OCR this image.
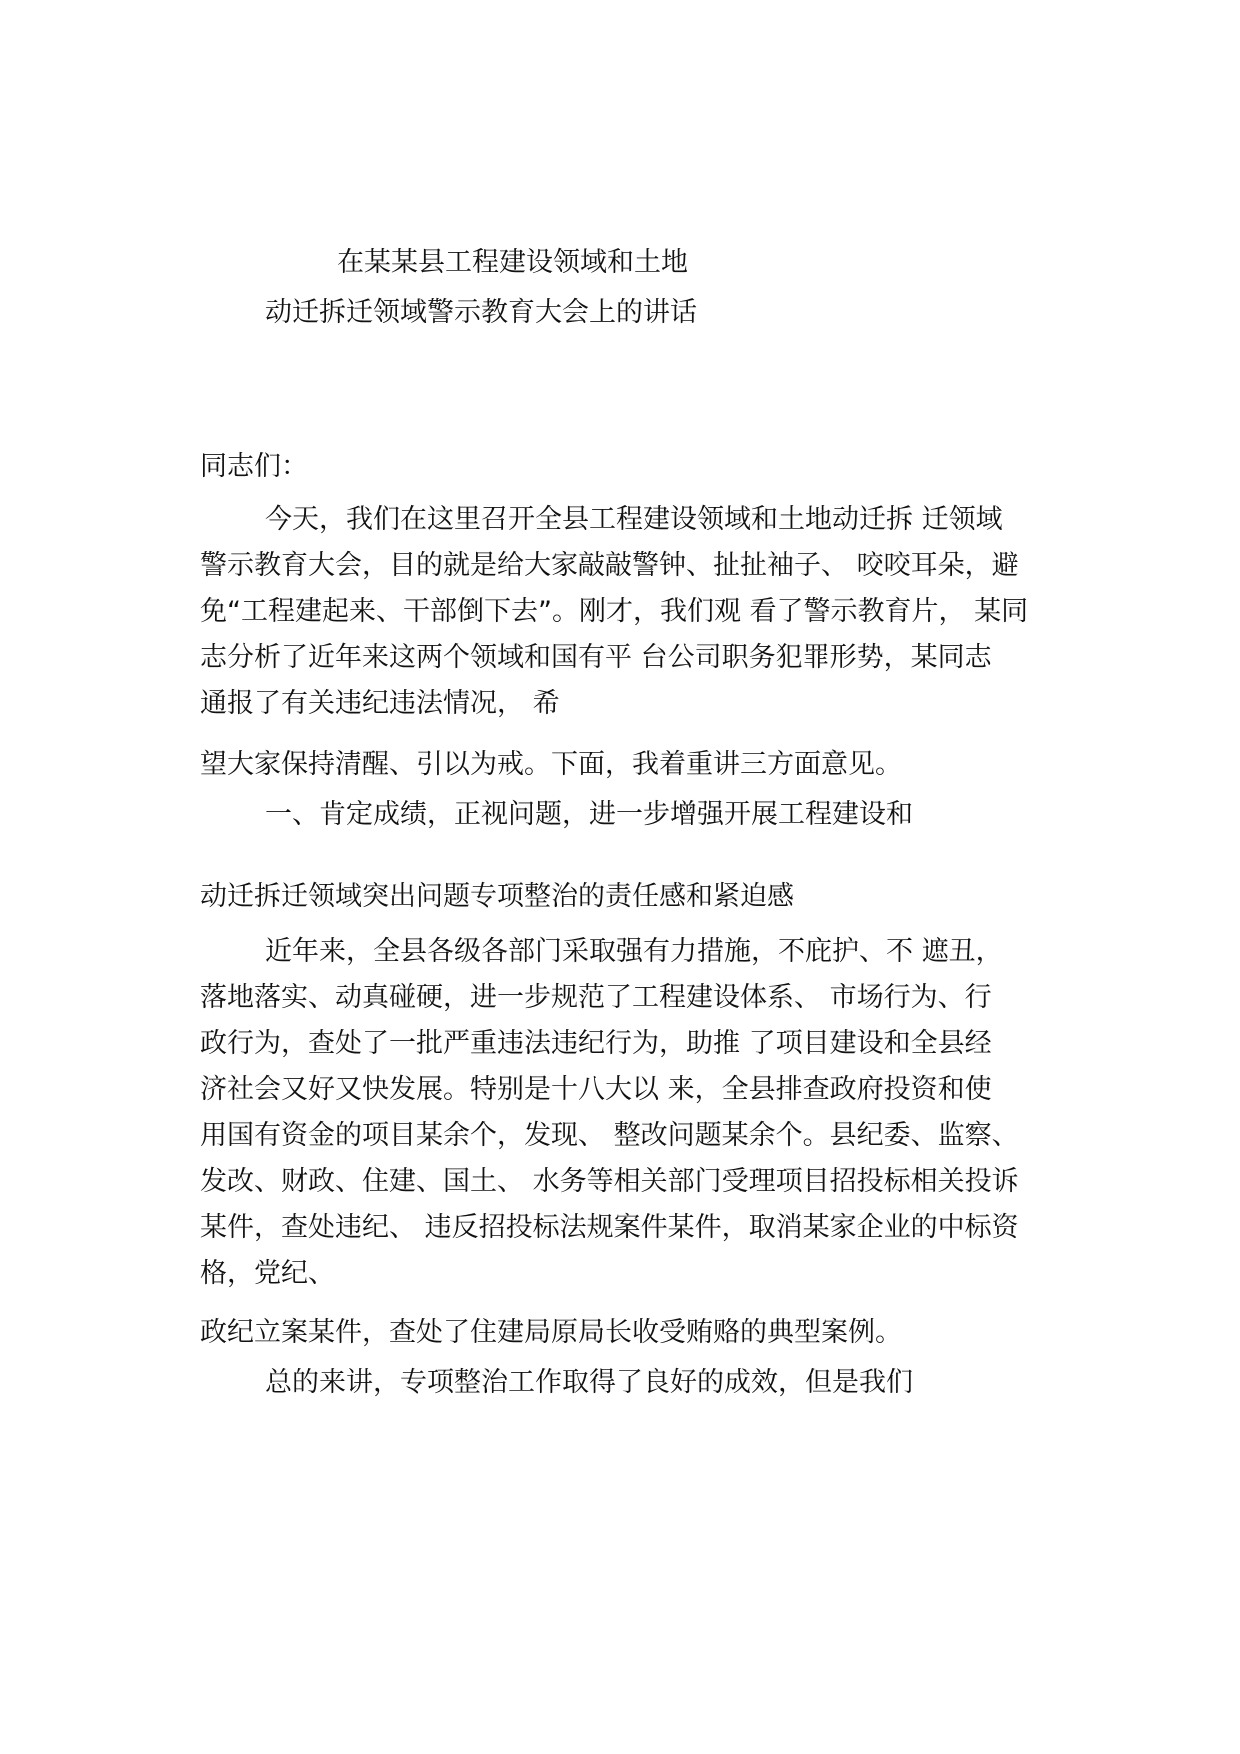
在某某县工程建设领域和土地
动迁拆迁领域警示教育大会上的讲话
同志们：
今天，我们在这里召开全县工程建设领域和土地动迁拆 迁领域
警示教育大会，目的就是给大家敲敲警钟、扯扯袖子、 咬咬耳朵，避
免“工程建起来、干部倒下去”。刚才，我们观 看了警示教育片， 某同
志分析了近年来这两个领域和国有平 台公司职务犯罪形势，某同志
通报了有关违纪违法情况， 希
望大家保持清醒、引以为戒。下面，我着重讲三方面意见。
一、肯定成绩，正视问题，进一步增强开展工程建设和
动迁拆迁领域突出问题专项整治的责任感和紧迫感
近年来，全县各级各部门采取强有力措施，不庇护、不 遮丑，
落地落实、动真碰硬，进一步规范了工程建设体系、 市场行为、行
政行为，查处了一批严重违法违纪行为，助推 了项目建设和全县经
济社会又好又快发展。特别是十八大以 来，全县排查政府投资和使
用国有资金的项目某余个，发现、 整改问题某余个。县纪委、监察、
发改、财政、住建、国土、 水务等相关部门受理项目招投标相关投诉
某件，查处违纪、 违反招投标法规案件某件，取消某家企业的中标资
格，党纪、
政纪立案某件，查处了住建局原局长收受贿赂的典型案例。
总的来讲，专项整治工作取得了良好的成效，但是我们
